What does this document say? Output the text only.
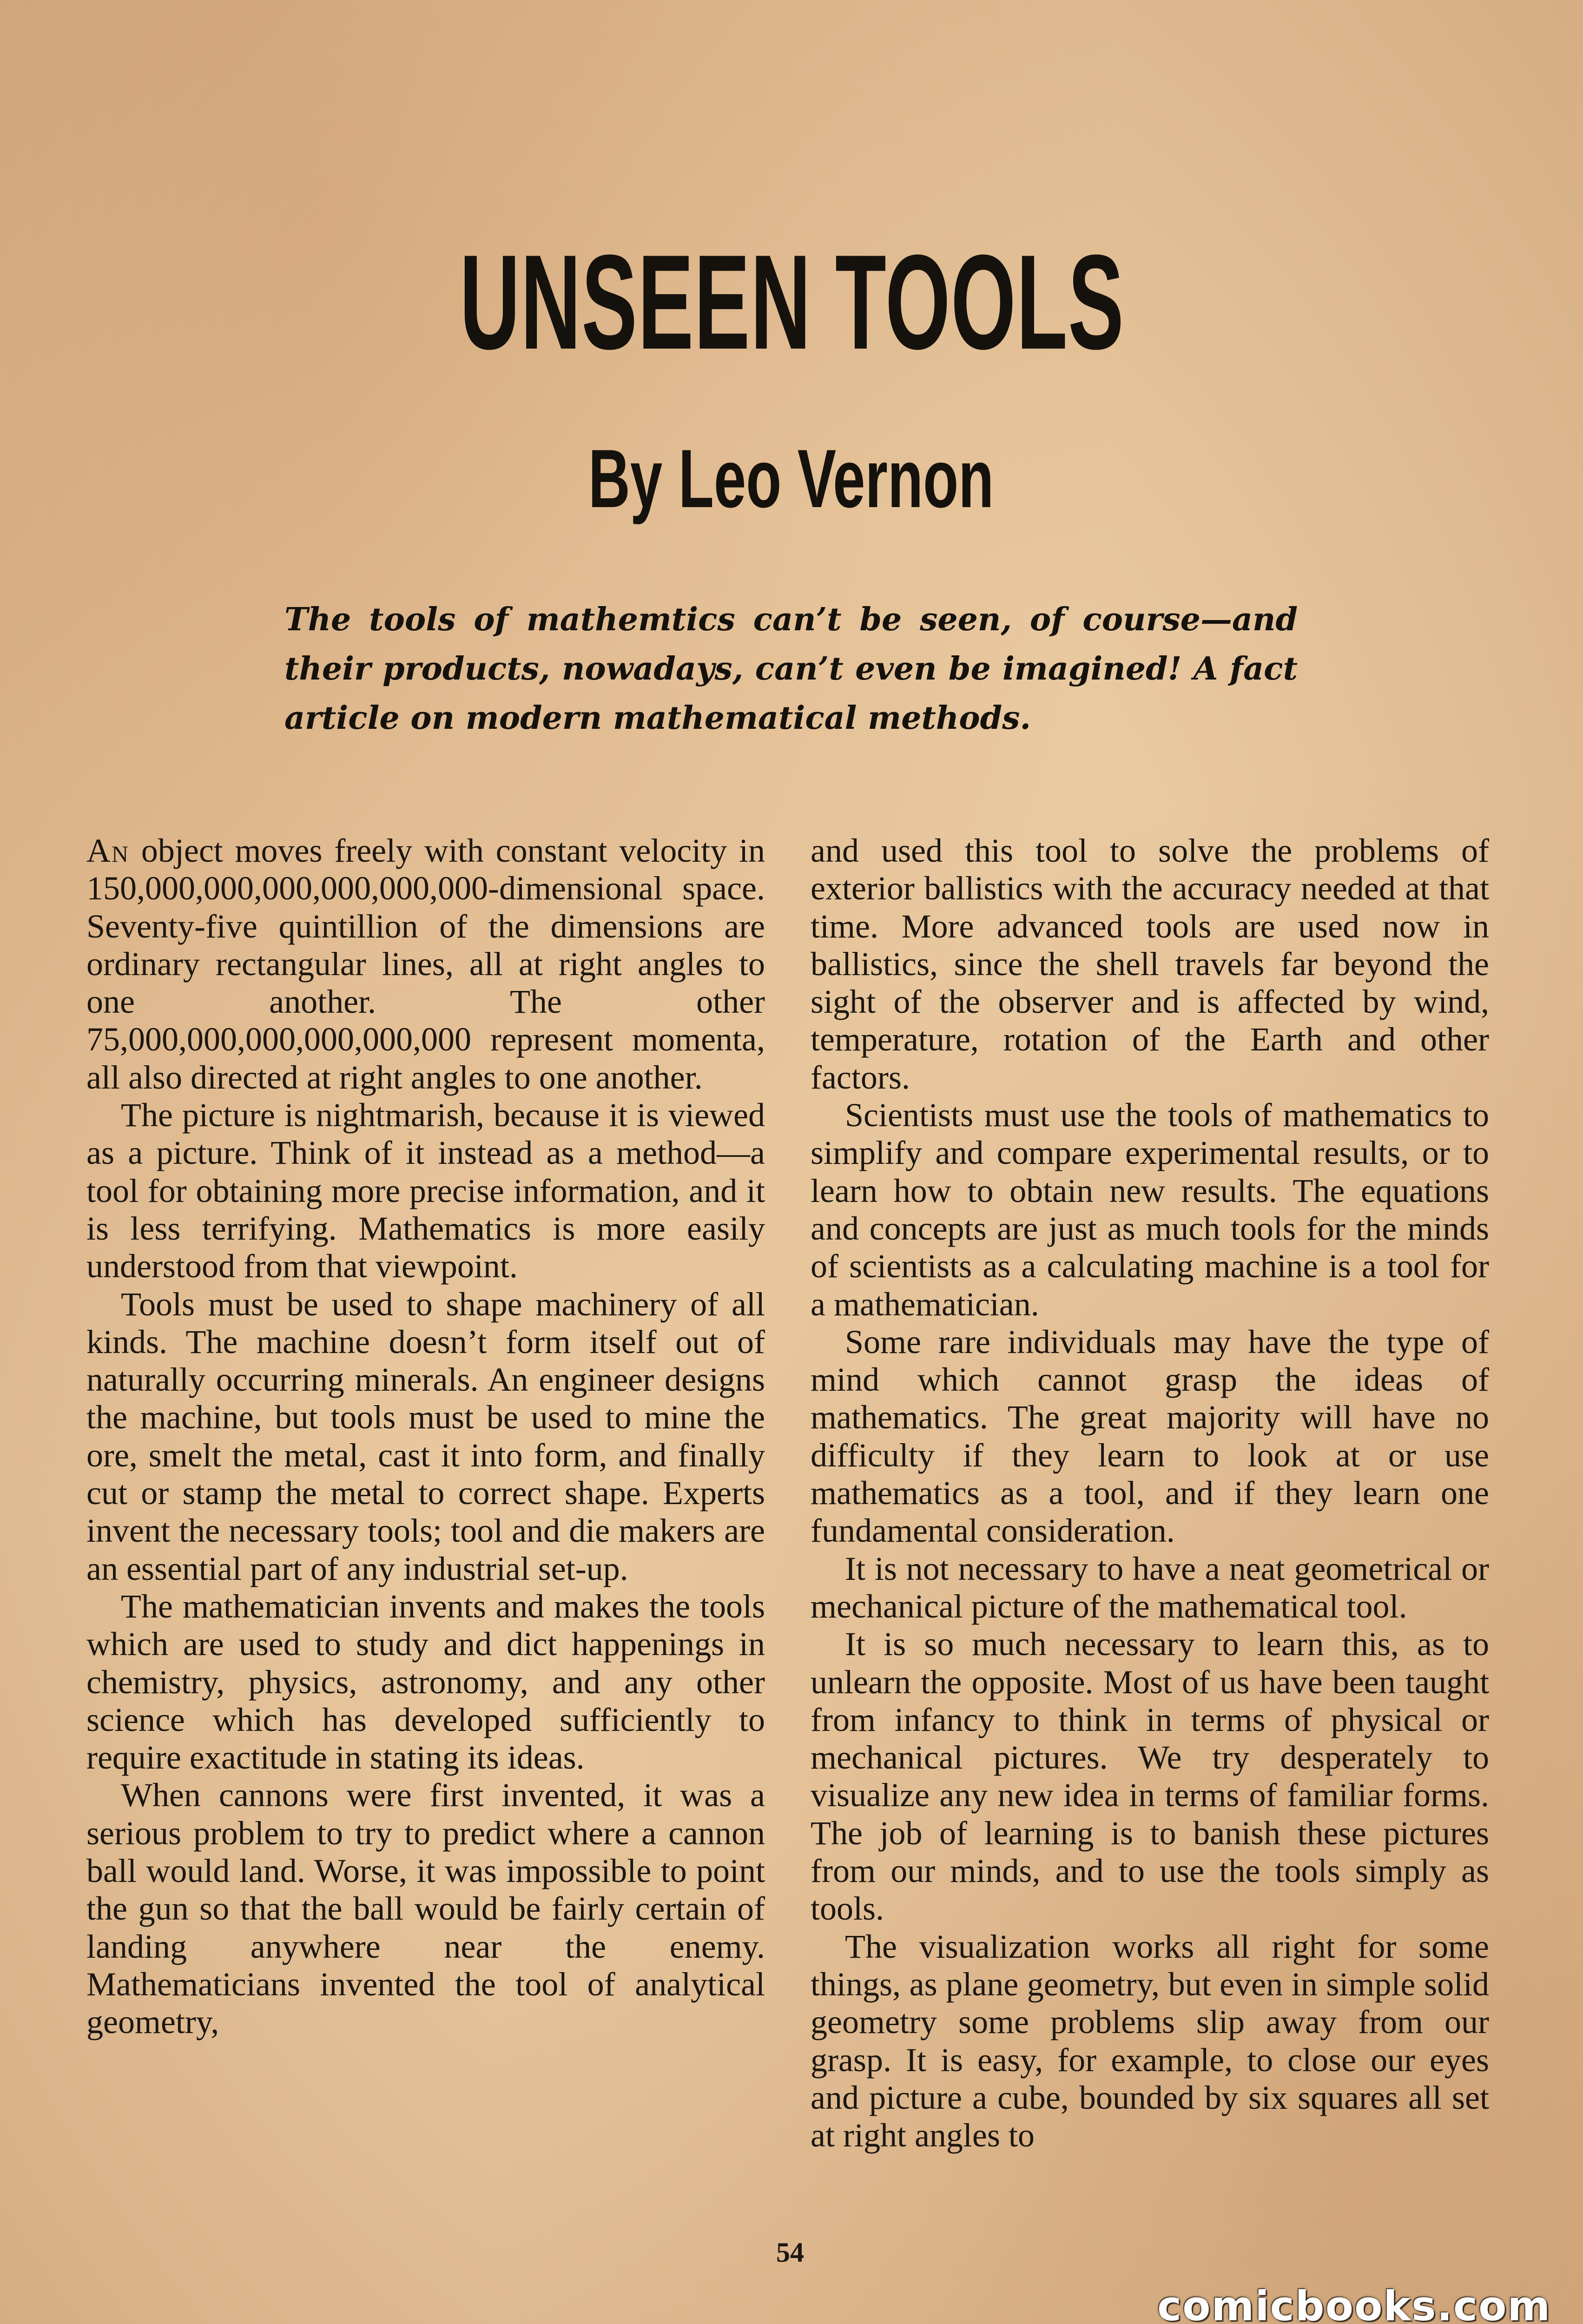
UNSEEN TOOLS
By Leo Vernon
The tools of mathemtics can’t be seen, of course—and their products, nowadays, can’t even be imagined! A fact article on modern mathematical methods.

An object moves freely with constant velocity in 150,000,000,000,000,000,000-dimensional space. Seventy-five quintillion of the dimensions are ordinary rectangular lines, all at right angles to one another. The other 75,000,000,000,000,000,000 represent momenta, all also directed at right angles to one another.

The picture is nightmarish, because it is viewed as a picture. Think of it instead as a method—a tool for obtaining more precise information, and it is less terrifying. Mathematics is more easily understood from that viewpoint.

Tools must be used to shape machinery of all kinds. The machine doesn’t form itself out of naturally occurring minerals. An engineer designs the machine, but tools must be used to mine the ore, smelt the metal, cast it into form, and finally cut or stamp the metal to correct shape. Experts invent the necessary tools; tool and die makers are an essential part of any industrial set-up.

The mathematician invents and makes the tools which are used to study and dict happenings in chemistry, physics, astronomy, and any other science which has developed sufficiently to require exactitude in stating its ideas.

When cannons were first invented, it was a serious problem to try to predict where a cannon ball would land. Worse, it was impossible to point the gun so that the ball would be fairly certain of landing anywhere near the enemy. Mathematicians invented the tool of analytical geometry,

and used this tool to solve the problems of exterior ballistics with the accuracy needed at that time. More advanced tools are used now in ballistics, since the shell travels far beyond the sight of the observer and is affected by wind, temperature, rotation of the Earth and other factors.

Scientists must use the tools of mathematics to simplify and compare experimental results, or to learn how to obtain new results. The equations and concepts are just as much tools for the minds of scientists as a calculating machine is a tool for a mathematician.

Some rare individuals may have the type of mind which cannot grasp the ideas of mathematics. The great majority will have no difficulty if they learn to look at or use mathematics as a tool, and if they learn one fundamental consideration.

It is not necessary to have a neat geometrical or mechanical picture of the mathematical tool.

It is so much necessary to learn this, as to unlearn the opposite. Most of us have been taught from infancy to think in terms of physical or mechanical pictures. We try desperately to visualize any new idea in terms of familiar forms. The job of learning is to banish these pictures from our minds, and to use the tools simply as tools.

The visualization works all right for some things, as plane geometry, but even in simple solid geometry some problems slip away from our grasp. It is easy, for example, to close our eyes and picture a cube, bounded by six squares all set at right angles to

54
comicbooks.com
